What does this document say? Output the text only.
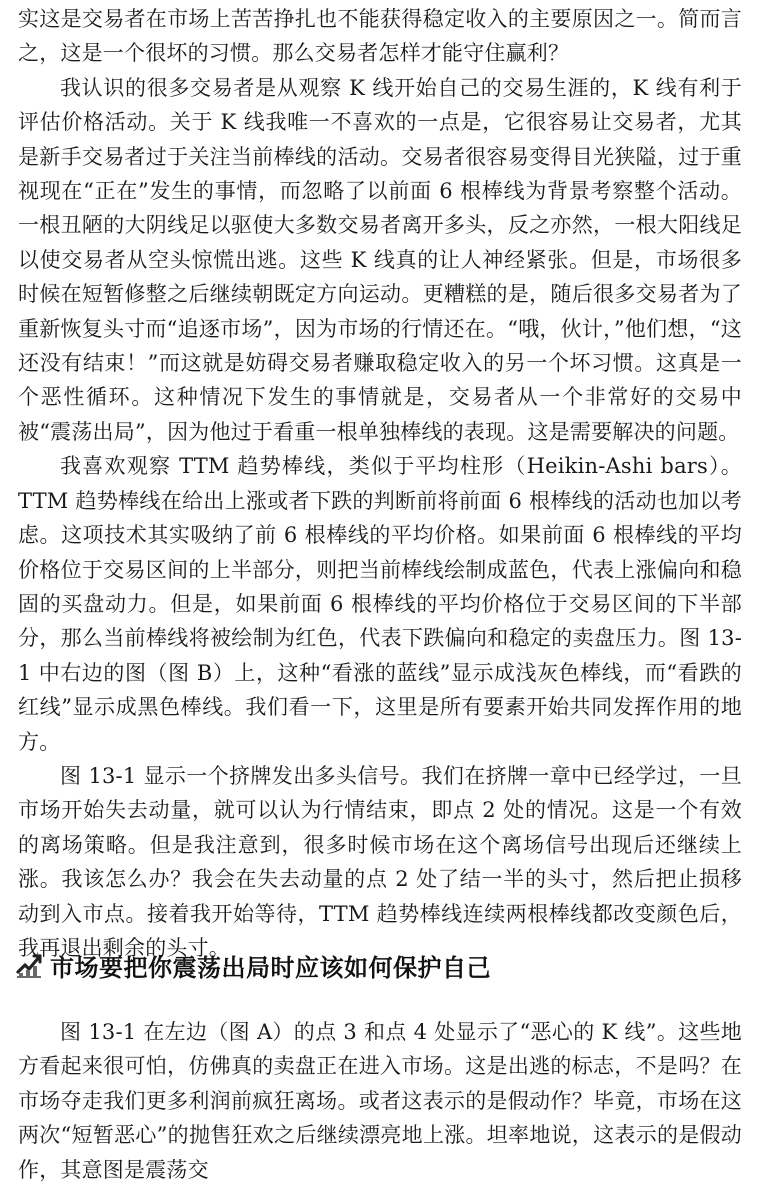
实这是交易者在市场上苦苦挣扎也不能获得稳定收入的主要原因之一。简而言之，这是一个很坏的习惯。那么交易者怎样才能守住赢利？

我认识的很多交易者是从观察 K 线开始自己的交易生涯的，K 线有利于评估价格活动。关于 K 线我唯一不喜欢的一点是，它很容易让交易者，尤其是新手交易者过于关注当前棒线的活动。交易者很容易变得目光狭隘，过于重视现在“正在”发生的事情，而忽略了以前面 6 根棒线为背景考察整个活动。一根丑陋的大阴线足以驱使大多数交易者离开多头，反之亦然，一根大阳线足以使交易者从空头惊慌出逃。这些 K 线真的让人神经紧张。但是，市场很多时候在短暂修整之后继续朝既定方向运动。更糟糕的是，随后很多交易者为了重新恢复头寸而“追逐市场”，因为市场的行情还在。“哦，伙计，”他们想，“这还没有结束！”而这就是妨碍交易者赚取稳定收入的另一个坏习惯。这真是一个恶性循环。这种情况下发生的事情就是，交易者从一个非常好的交易中被“震荡出局”，因为他过于看重一根单独棒线的表现。这是需要解决的问题。

我喜欢观察 TTM 趋势棒线，类似于平均柱形（Heikin-Ashi bars）。TTM 趋势棒线在给出上涨或者下跌的判断前将前面 6 根棒线的活动也加以考虑。这项技术其实吸纳了前 6 根棒线的平均价格。如果前面 6 根棒线的平均价格位于交易区间的上半部分，则把当前棒线绘制成蓝色，代表上涨偏向和稳固的买盘动力。但是，如果前面 6 根棒线的平均价格位于交易区间的下半部分，那么当前棒线将被绘制为红色，代表下跌偏向和稳定的卖盘压力。图 13-1 中右边的图（图 B）上，这种“看涨的蓝线”显示成浅灰色棒线，而“看跌的红线”显示成黑色棒线。我们看一下，这里是所有要素开始共同发挥作用的地方。

图 13-1 显示一个挤牌发出多头信号。我们在挤牌一章中已经学过，一旦市场开始失去动量，就可以认为行情结束，即点 2 处的情况。这是一个有效的离场策略。但是我注意到，很多时候市场在这个离场信号出现后还继续上涨。我该怎么办？我会在失去动量的点 2 处了结一半的头寸，然后把止损移动到入市点。接着我开始等待，TTM 趋势棒线连续两根棒线都改变颜色后，我再退出剩余的头寸。

市场要把你震荡出局时应该如何保护自己

图 13-1 在左边（图 A）的点 3 和点 4 处显示了“恶心的 K 线”。这些地方看起来很可怕，仿佛真的卖盘正在进入市场。这是出逃的标志，不是吗？在市场夺走我们更多利润前疯狂离场。或者这表示的是假动作？毕竟，市场在这两次“短暂恶心”的抛售狂欢之后继续漂亮地上涨。坦率地说，这表示的是假动作，其意图是震荡交
